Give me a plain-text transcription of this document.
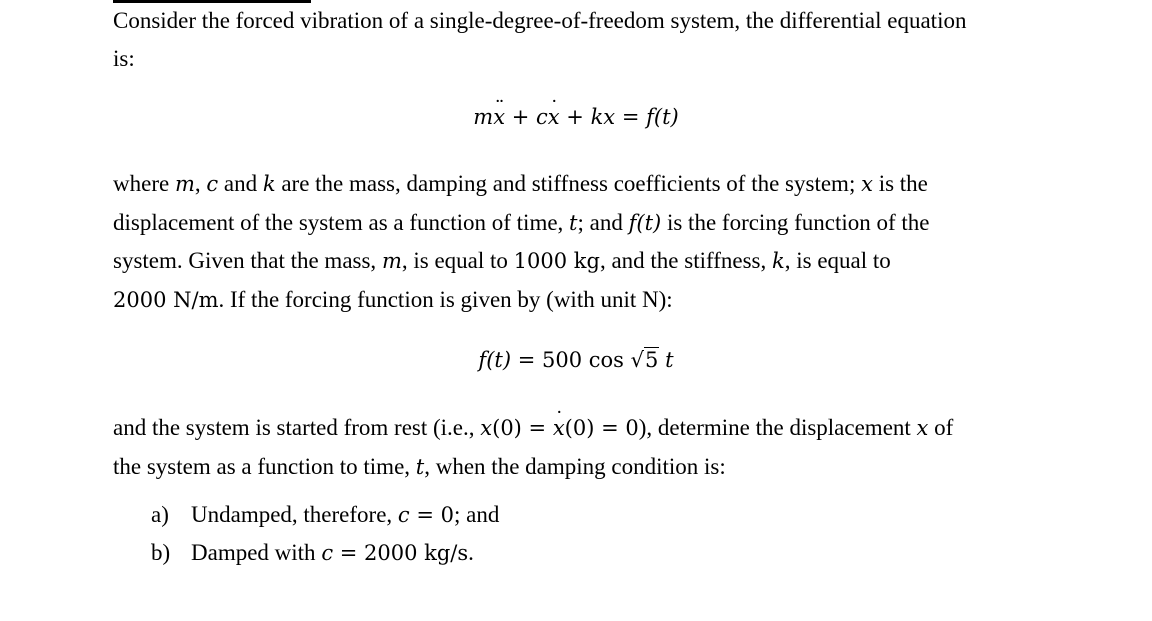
Consider the forced vibration of a single-degree-of-freedom system, the differential equation
is:

m¨ x + c˙ x + kx = f(t)

where m, c and k are the mass, damping and stiffness coefficients of the system; x is the
displacement of the system as a function of time, t; and f(t) is the forcing function of the
system. Given that the mass, m, is equal to 1000 kg, and the stiffness, k, is equal to
2000 N/m. If the forcing function is given by (with unit N):

f(t) = 500 cos √5 t

and the system is started from rest (i.e., x(0) = ˙ x(0) = 0), determine the displacement x of
the system as a function to time, t, when the damping condition is:

a) Undamped, therefore, c = 0; and
b) Damped with c = 2000 kg/s.
